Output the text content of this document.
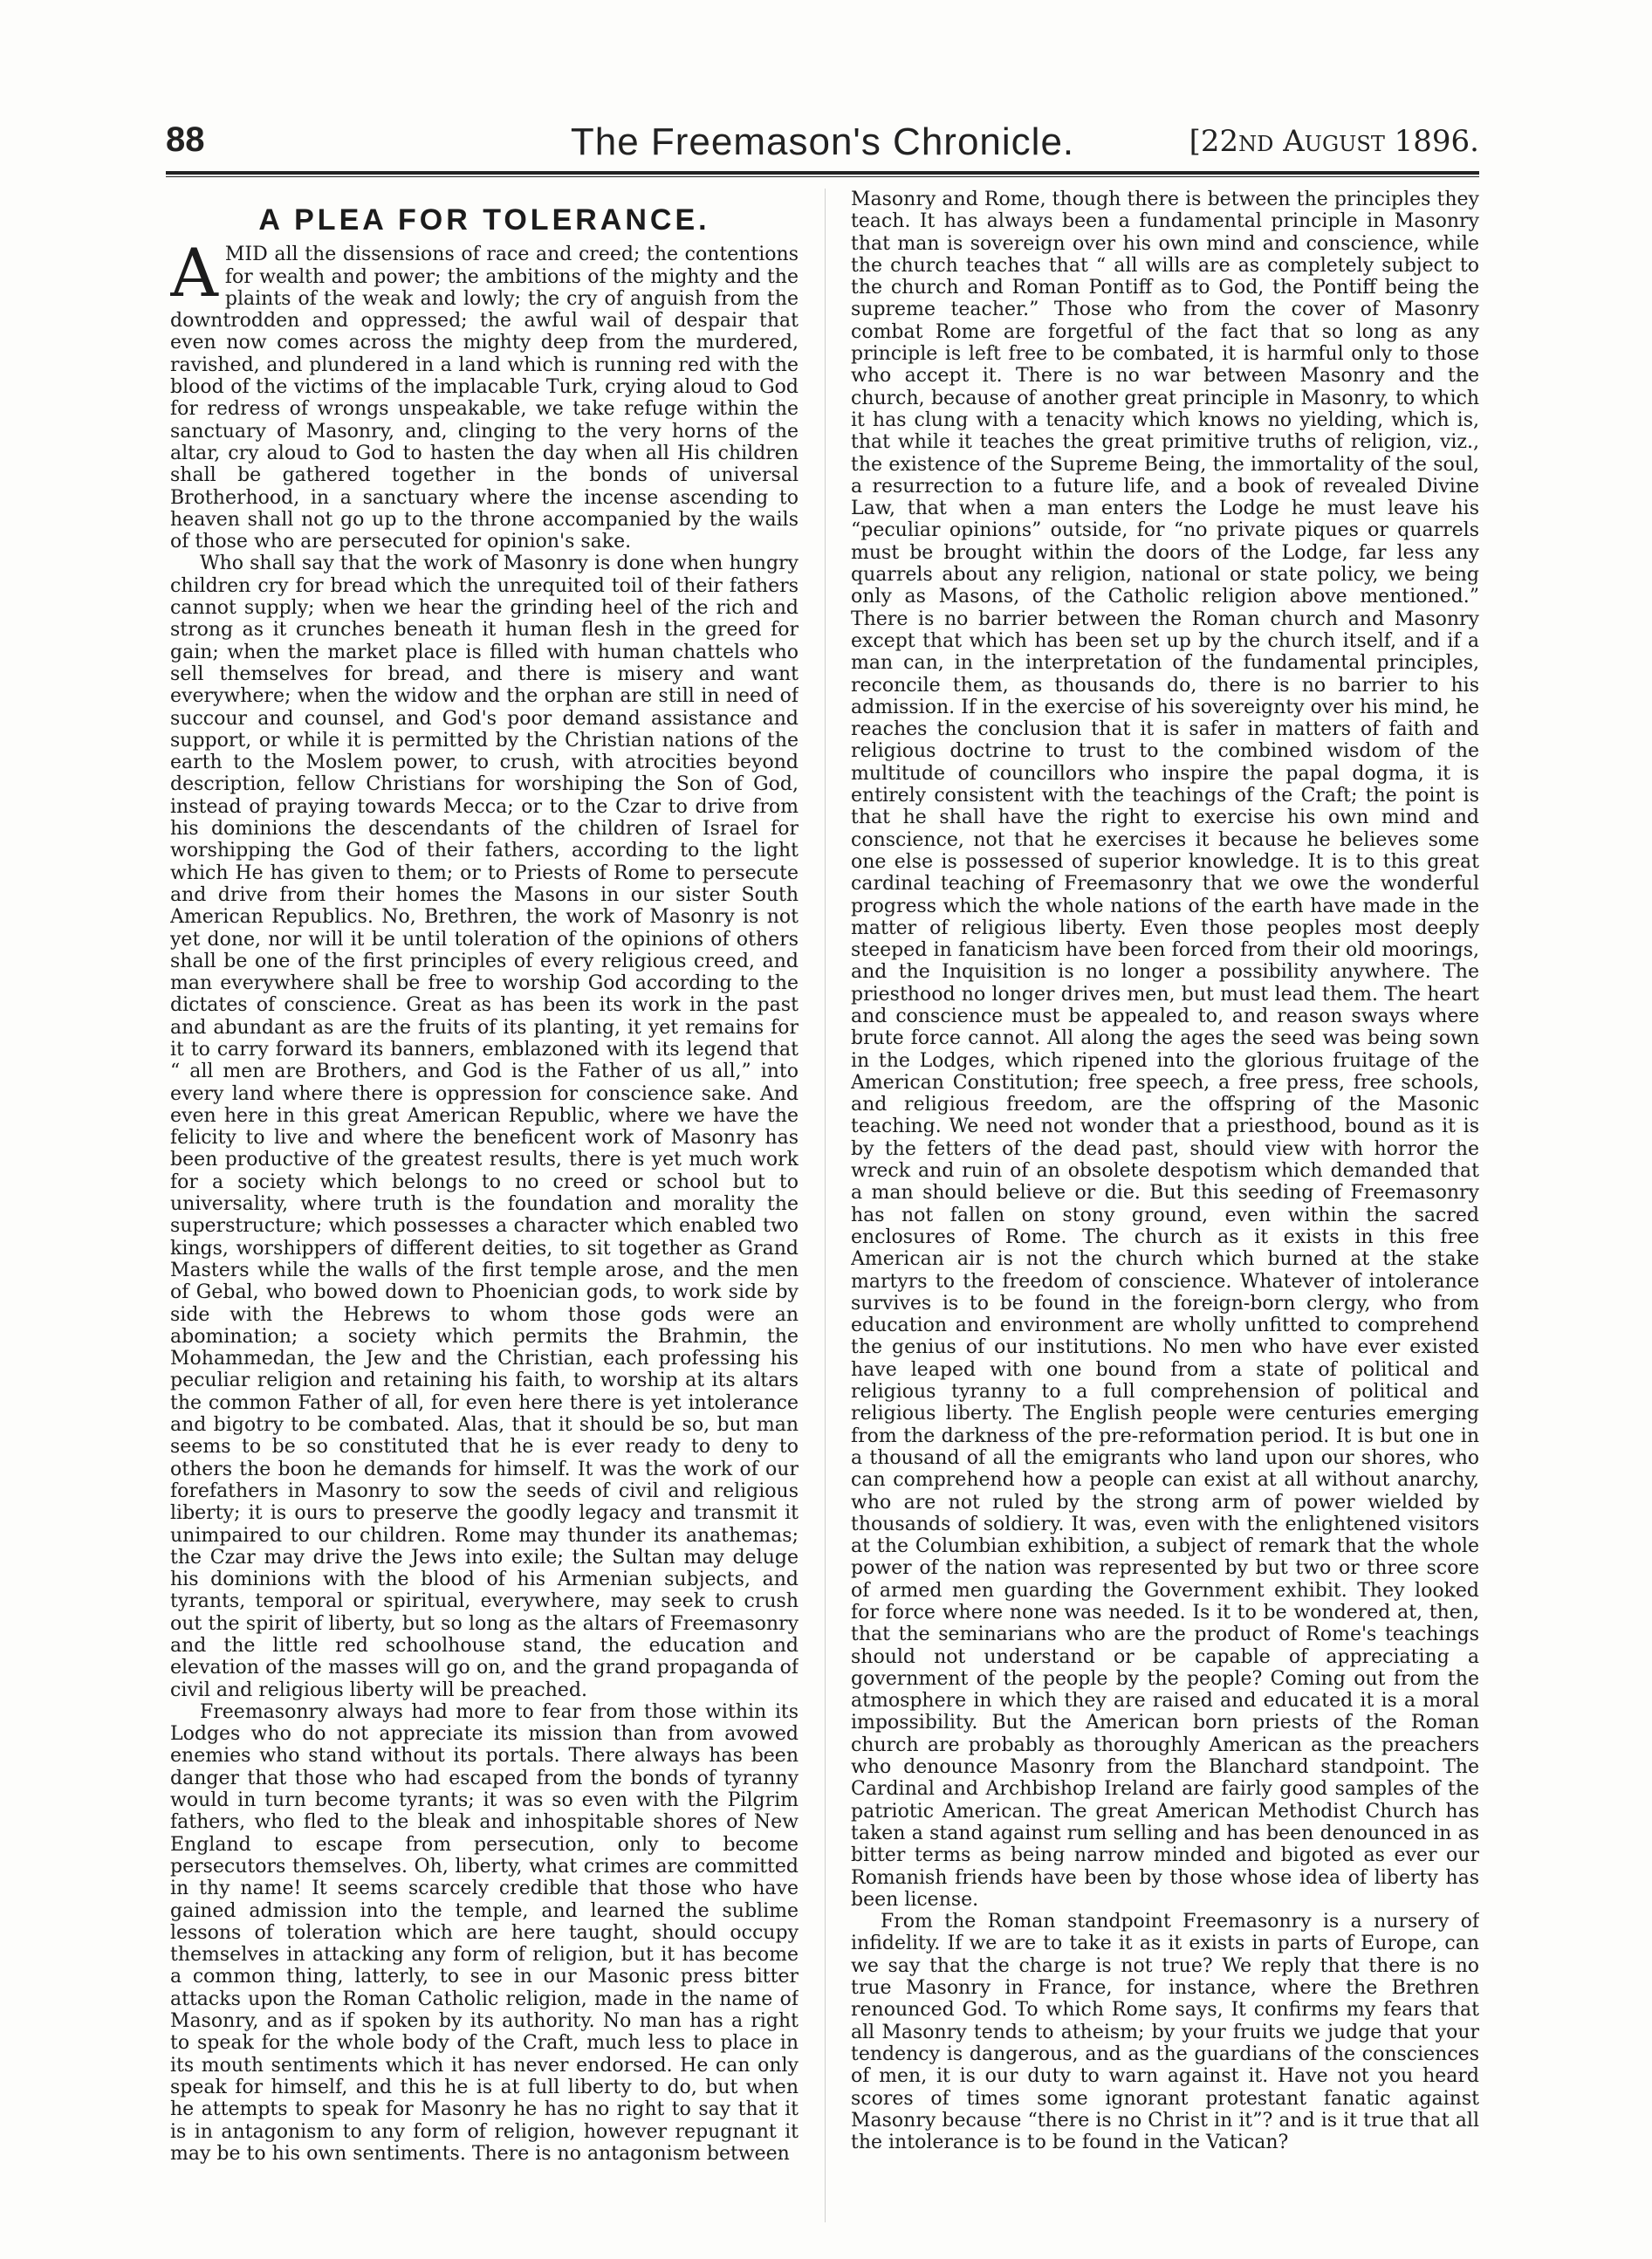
88	The Freemason's Chronicle.	[22nd August 1896.
A PLEA FOR TOLERANCE.

AMID all the dissensions of race and creed; the contentions for wealth and power; the ambitions of the mighty and the plaints of the weak and lowly; the cry of anguish from the downtrodden and oppressed; the awful wail of despair that even now comes across the mighty deep from the murdered, ravished, and plundered in a land which is running red with the blood of the victims of the implacable Turk, crying aloud to God for redress of wrongs unspeakable, we take refuge within the sanctuary of Masonry, and, clinging to the very horns of the altar, cry aloud to God to hasten the day when all His children shall be gathered together in the bonds of universal Brotherhood, in a sanctuary where the incense ascending to heaven shall not go up to the throne accompanied by the wails of those who are persecuted for opinion's sake.

Who shall say that the work of Masonry is done when hungry children cry for bread which the unrequited toil of their fathers cannot supply; when we hear the grinding heel of the rich and strong as it crunches beneath it human flesh in the greed for gain; when the market place is filled with human chattels who sell themselves for bread, and there is misery and want everywhere; when the widow and the orphan are still in need of succour and counsel, and God's poor demand assistance and support, or while it is permitted by the Christian nations of the earth to the Moslem power, to crush, with atrocities beyond description, fellow Christians for worshiping the Son of God, instead of praying towards Mecca; or to the Czar to drive from his dominions the descendants of the children of Israel for worshipping the God of their fathers, according to the light which He has given to them; or to Priests of Rome to persecute and drive from their homes the Masons in our sister South American Republics. No, Brethren, the work of Masonry is not yet done, nor will it be until toleration of the opinions of others shall be one of the first principles of every religious creed, and man everywhere shall be free to worship God according to the dictates of conscience. Great as has been its work in the past and abundant as are the fruits of its planting, it yet remains for it to carry forward its banners, emblazoned with its legend that “ all men are Brothers, and God is the Father of us all,” into every land where there is oppression for conscience sake. And even here in this great American Republic, where we have the felicity to live and where the beneficent work of Masonry has been productive of the greatest results, there is yet much work for a society which belongs to no creed or school but to universality, where truth is the foundation and morality the superstructure; which possesses a character which enabled two kings, worshippers of different deities, to sit together as Grand Masters while the walls of the first temple arose, and the men of Gebal, who bowed down to Phoenician gods, to work side by side with the Hebrews to whom those gods were an abomination; a society which permits the Brahmin, the Mohammedan, the Jew and the Christian, each professing his peculiar religion and retaining his faith, to worship at its altars the common Father of all, for even here there is yet intolerance and bigotry to be combated. Alas, that it should be so, but man seems to be so constituted that he is ever ready to deny to others the boon he demands for himself. It was the work of our forefathers in Masonry to sow the seeds of civil and religious liberty; it is ours to preserve the goodly legacy and transmit it unimpaired to our children. Rome may thunder its anathemas; the Czar may drive the Jews into exile; the Sultan may deluge his dominions with the blood of his Armenian subjects, and tyrants, temporal or spiritual, everywhere, may seek to crush out the spirit of liberty, but so long as the altars of Freemasonry and the little red schoolhouse stand, the education and elevation of the masses will go on, and the grand propaganda of civil and religious liberty will be preached.

Freemasonry always had more to fear from those within its Lodges who do not appreciate its mission than from avowed enemies who stand without its portals. There always has been danger that those who had escaped from the bonds of tyranny would in turn become tyrants; it was so even with the Pilgrim fathers, who fled to the bleak and inhospitable shores of New England to escape from persecution, only to become persecutors themselves. Oh, liberty, what crimes are committed in thy name! It seems scarcely credible that those who have gained admission into the temple, and learned the sublime lessons of toleration which are here taught, should occupy themselves in attacking any form of religion, but it has become a common thing, latterly, to see in our Masonic press bitter attacks upon the Roman Catholic religion, made in the name of Masonry, and as if spoken by its authority. No man has a right to speak for the whole body of the Craft, much less to place in its mouth sentiments which it has never endorsed. He can only speak for himself, and this he is at full liberty to do, but when he attempts to speak for Masonry he has no right to say that it is in antagonism to any form of religion, however repugnant it may be to his own sentiments. There is no antagonism between

Masonry and Rome, though there is between the principles they teach. It has always been a fundamental principle in Masonry that man is sovereign over his own mind and conscience, while the church teaches that “ all wills are as completely subject to the church and Roman Pontiff as to God, the Pontiff being the supreme teacher.” Those who from the cover of Masonry combat Rome are forgetful of the fact that so long as any principle is left free to be combated, it is harmful only to those who accept it. There is no war between Masonry and the church, because of another great principle in Masonry, to which it has clung with a tenacity which knows no yielding, which is, that while it teaches the great primitive truths of religion, viz., the existence of the Supreme Being, the immortality of the soul, a resurrection to a future life, and a book of revealed Divine Law, that when a man enters the Lodge he must leave his “peculiar opinions” outside, for “no private piques or quarrels must be brought within the doors of the Lodge, far less any quarrels about any religion, national or state policy, we being only as Masons, of the Catholic religion above mentioned.” There is no barrier between the Roman church and Masonry except that which has been set up by the church itself, and if a man can, in the interpretation of the fundamental principles, reconcile them, as thousands do, there is no barrier to his admission. If in the exercise of his sovereignty over his mind, he reaches the conclusion that it is safer in matters of faith and religious doctrine to trust to the combined wisdom of the multitude of councillors who inspire the papal dogma, it is entirely consistent with the teachings of the Craft; the point is that he shall have the right to exercise his own mind and conscience, not that he exercises it because he believes some one else is possessed of superior knowledge. It is to this great cardinal teaching of Freemasonry that we owe the wonderful progress which the whole nations of the earth have made in the matter of religious liberty. Even those peoples most deeply steeped in fanaticism have been forced from their old moorings, and the Inquisition is no longer a possibility anywhere. The priesthood no longer drives men, but must lead them. The heart and conscience must be appealed to, and reason sways where brute force cannot. All along the ages the seed was being sown in the Lodges, which ripened into the glorious fruitage of the American Constitution; free speech, a free press, free schools, and religious freedom, are the offspring of the Masonic teaching. We need not wonder that a priesthood, bound as it is by the fetters of the dead past, should view with horror the wreck and ruin of an obsolete despotism which demanded that a man should believe or die. But this seeding of Freemasonry has not fallen on stony ground, even within the sacred enclosures of Rome. The church as it exists in this free American air is not the church which burned at the stake martyrs to the freedom of conscience. Whatever of intolerance survives is to be found in the foreign-born clergy, who from education and environment are wholly unfitted to comprehend the genius of our institutions. No men who have ever existed have leaped with one bound from a state of political and religious tyranny to a full comprehension of political and religious liberty. The English people were centuries emerging from the darkness of the pre-reformation period. It is but one in a thousand of all the emigrants who land upon our shores, who can comprehend how a people can exist at all without anarchy, who are not ruled by the strong arm of power wielded by thousands of soldiery. It was, even with the enlightened visitors at the Columbian exhibition, a subject of remark that the whole power of the nation was represented by but two or three score of armed men guarding the Government exhibit. They looked for force where none was needed. Is it to be wondered at, then, that the seminarians who are the product of Rome's teachings should not understand or be capable of appreciating a government of the people by the people? Coming out from the atmosphere in which they are raised and educated it is a moral impossibility. But the American born priests of the Roman church are probably as thoroughly American as the preachers who denounce Masonry from the Blanchard standpoint. The Cardinal and Archbishop Ireland are fairly good samples of the patriotic American. The great American Methodist Church has taken a stand against rum selling and has been denounced in as bitter terms as being narrow minded and bigoted as ever our Romanish friends have been by those whose idea of liberty has been license.

From the Roman standpoint Freemasonry is a nursery of infidelity. If we are to take it as it exists in parts of Europe, can we say that the charge is not true? We reply that there is no true Masonry in France, for instance, where the Brethren renounced God. To which Rome says, It confirms my fears that all Masonry tends to atheism; by your fruits we judge that your tendency is dangerous, and as the guardians of the consciences of men, it is our duty to warn against it. Have not you heard scores of times some ignorant protestant fanatic against Masonry because “there is no Christ in it”? and is it true that all the intolerance is to be found in the Vatican?
